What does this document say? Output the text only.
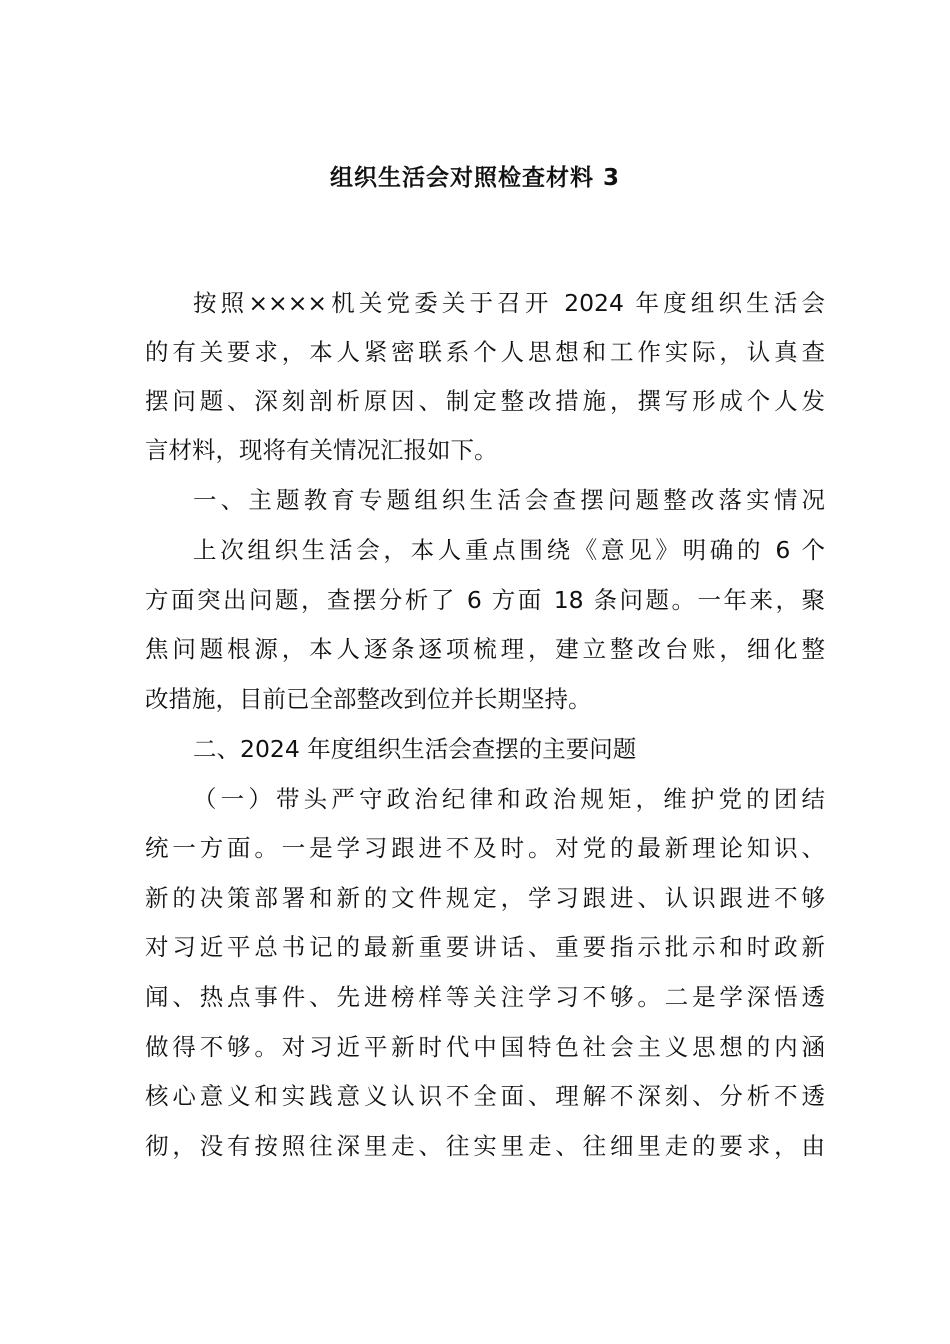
组织生活会对照检查材料 3
按照××××机关党委关于召开 2024 年度组织生活会
的有关要求，本人紧密联系个人思想和工作实际，认真查
摆问题、深刻剖析原因、制定整改措施，撰写形成个人发
言材料，现将有关情况汇报如下。
一、主题教育专题组织生活会查摆问题整改落实情况
上次组织生活会，本人重点围绕《意见》明确的 6 个
方面突出问题，查摆分析了 6 方面 18 条问题。一年来，聚
焦问题根源，本人逐条逐项梳理，建立整改台账，细化整
改措施，目前已全部整改到位并长期坚持。
二、2024 年度组织生活会查摆的主要问题
（一）带头严守政治纪律和政治规矩，维护党的团结
统一方面。一是学习跟进不及时。对党的最新理论知识、
新的决策部署和新的文件规定，学习跟进、认识跟进不够
对习近平总书记的最新重要讲话、重要指示批示和时政新
闻、热点事件、先进榜样等关注学习不够。二是学深悟透
做得不够。对习近平新时代中国特色社会主义思想的内涵
核心意义和实践意义认识不全面、理解不深刻、分析不透
彻，没有按照往深里走、往实里走、往细里走的要求，由
